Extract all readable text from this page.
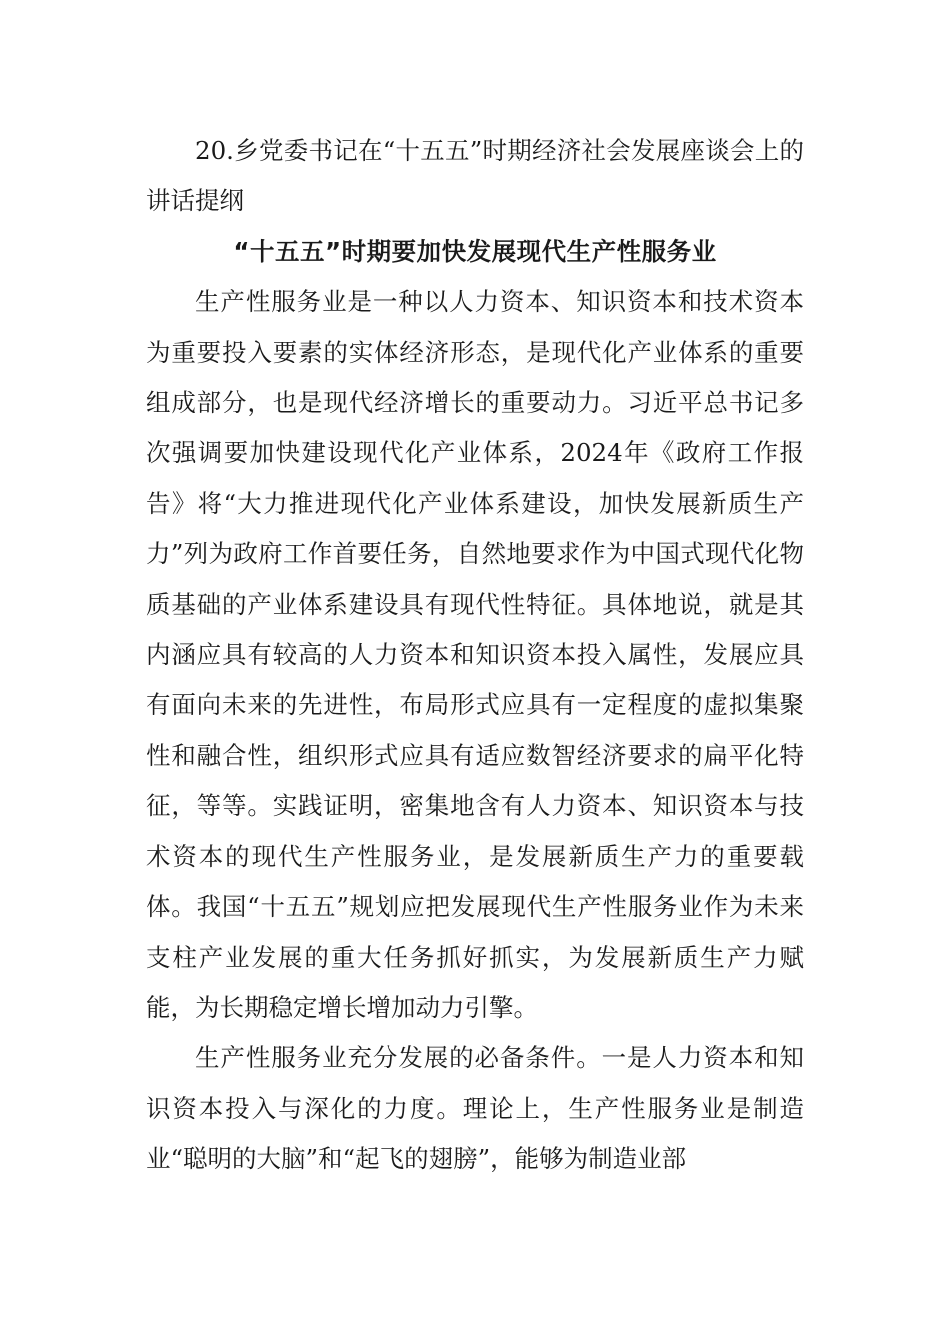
20.乡党委书记在“十五五”时期经济社会发展座谈会上的讲话提纲

“十五五”时期要加快发展现代生产性服务业

生产性服务业是一种以人力资本、知识资本和技术资本为重要投入要素的实体经济形态，是现代化产业体系的重要组成部分，也是现代经济增长的重要动力。习近平总书记多次强调要加快建设现代化产业体系，2024年《政府工作报告》将“大力推进现代化产业体系建设，加快发展新质生产力”列为政府工作首要任务，自然地要求作为中国式现代化物质基础的产业体系建设具有现代性特征。具体地说，就是其内涵应具有较高的人力资本和知识资本投入属性，发展应具有面向未来的先进性，布局形式应具有一定程度的虚拟集聚性和融合性，组织形式应具有适应数智经济要求的扁平化特征，等等。实践证明，密集地含有人力资本、知识资本与技术资本的现代生产性服务业，是发展新质生产力的重要载体。我国“十五五”规划应把发展现代生产性服务业作为未来支柱产业发展的重大任务抓好抓实，为发展新质生产力赋能，为长期稳定增长增加动力引擎。

生产性服务业充分发展的必备条件。一是人力资本和知识资本投入与深化的力度。理论上，生产性服务业是制造业“聪明的大脑”和“起飞的翅膀”，能够为制造业部
